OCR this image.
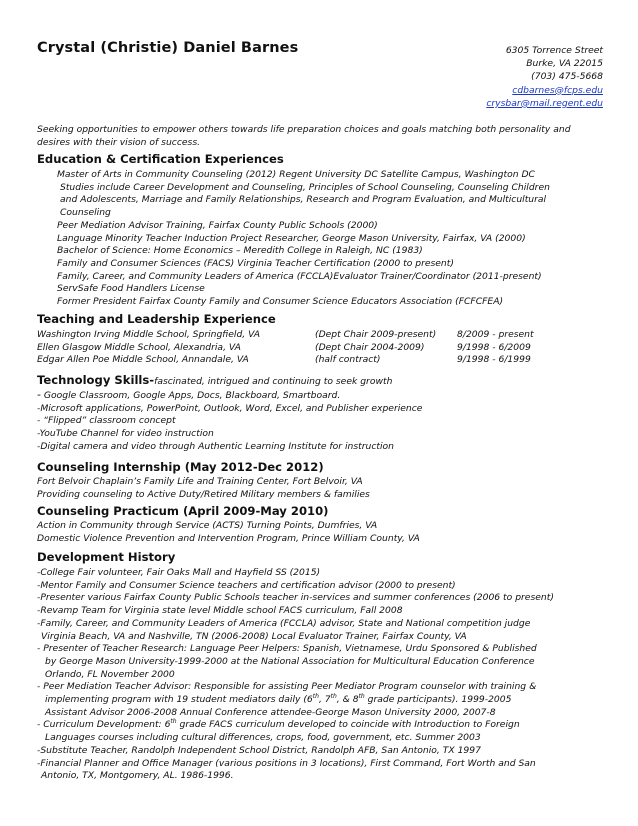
Crystal (Christie) Daniel Barnes	6305 Torrence Street
Burke, VA 22015
(703) 475-5668
cdbarnes@fcps.edu
crysbar@mail.regent.edu
Seeking opportunities to empower others towards life preparation choices and goals matching both personality and desires with their vision of success.
Education & Certification Experiences
Master of Arts in Community Counseling (2012) Regent University DC Satellite Campus, Washington DC
Studies include Career Development and Counseling, Principles of School Counseling, Counseling Children
and Adolescents, Marriage and Family Relationships, Research and Program Evaluation, and Multicultural
Counseling
Peer Mediation Advisor Training, Fairfax County Public Schools (2000)
Language Minority Teacher Induction Project Researcher, George Mason University, Fairfax, VA (2000)
Bachelor of Science: Home Economics – Meredith College in Raleigh, NC (1983)
Family and Consumer Sciences (FACS) Virginia Teacher Certification (2000 to present)
Family, Career, and Community Leaders of America (FCCLA)Evaluator Trainer/Coordinator (2011-present)
ServSafe Food Handlers License
Former President Fairfax County Family and Consumer Science Educators Association (FCFCFEA)
Teaching and Leadership Experience
Washington Irving Middle School, Springfield, VA	(Dept Chair 2009-present) 8/2009 - present
Ellen Glasgow Middle School, Alexandria, VA	(Dept Chair 2004-2009)	9/1998 - 6/2009
Edgar Allen Poe Middle School, Annandale, VA	(half contract)	9/1998 - 6/1999
Technology Skills-fascinated, intrigued and continuing to seek growth
- Google Classroom, Google Apps, Docs, Blackboard, Smartboard.
-Microsoft applications, PowerPoint, Outlook, Word, Excel, and Publisher experience
- “Flipped” classroom concept
-YouTube Channel for video instruction
-Digital camera and video through Authentic Learning Institute for instruction
Counseling Internship (May 2012-Dec 2012)
Fort Belvoir Chaplain’s Family Life and Training Center, Fort Belvoir, VA
Providing counseling to Active Duty/Retired Military members & families
Counseling Practicum (April 2009-May 2010)
Action in Community through Service (ACTS) Turning Points, Dumfries, VA
Domestic Violence Prevention and Intervention Program, Prince William County, VA
Development History
-College Fair volunteer, Fair Oaks Mall and Hayfield SS (2015)
-Mentor Family and Consumer Science teachers and certification advisor (2000 to present)
-Presenter various Fairfax County Public Schools teacher in-services and summer conferences (2006 to present)
-Revamp Team for Virginia state level Middle school FACS curriculum, Fall 2008
-Family, Career, and Community Leaders of America (FCCLA) advisor, State and National competition judge
Virginia Beach, VA and Nashville, TN (2006-2008) Local Evaluator Trainer, Fairfax County, VA
- Presenter of Teacher Research: Language Peer Helpers: Spanish, Vietnamese, Urdu Sponsored & Published
by George Mason University-1999-2000 at the National Association for Multicultural Education Conference
Orlando, FL November 2000
- Peer Mediation Teacher Advisor: Responsible for assisting Peer Mediator Program counselor with training &
implementing program with 19 student mediators daily (6th, 7th, & 8th grade participants). 1999-2005
Assistant Advisor 2006-2008 Annual Conference attendee-George Mason University 2000, 2007-8
- Curriculum Development: 6th grade FACS curriculum developed to coincide with Introduction to Foreign
Languages courses including cultural differences, crops, food, government, etc. Summer 2003
-Substitute Teacher, Randolph Independent School District, Randolph AFB, San Antonio, TX 1997
-Financial Planner and Office Manager (various positions in 3 locations), First Command, Fort Worth and San
Antonio, TX, Montgomery, AL. 1986-1996.
